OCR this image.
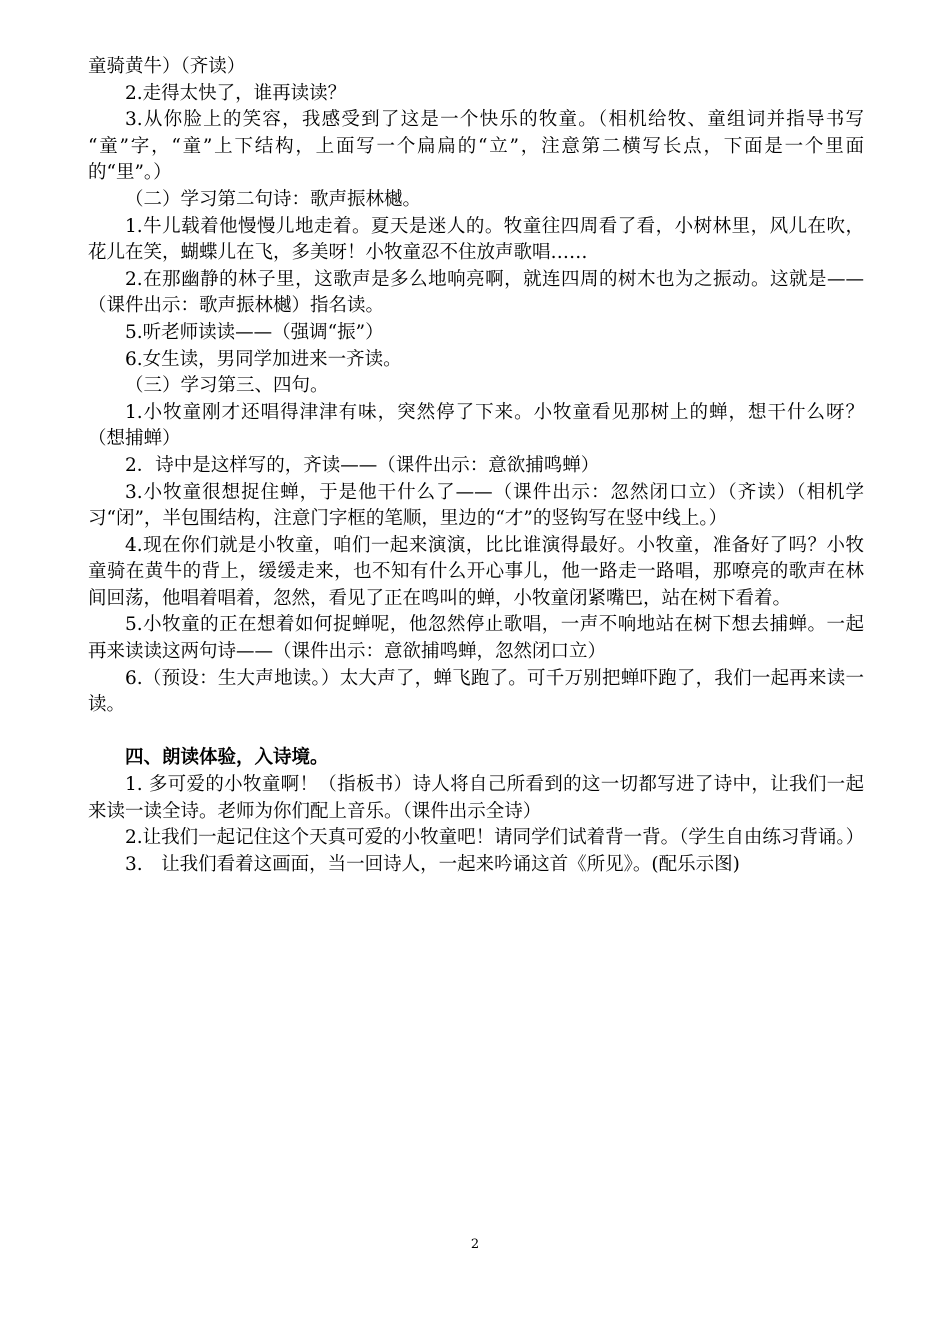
童骑黄牛）（齐读）

2.走得太快了，谁再读读？

3.从你脸上的笑容，我感受到了这是一个快乐的牧童。（相机给牧、童组词并指导书写 “童”字，“童”上下结构，上面写一个扁扁的“立”，注意第二横写长点，下面是一个里面的“里”。）

（二）学习第二句诗：歌声振林樾。

1.牛儿载着他慢慢儿地走着。夏天是迷人的。牧童往四周看了看，小树林里，风儿在吹，花儿在笑，蝴蝶儿在飞，多美呀！小牧童忍不住放声歌唱……

2.在那幽静的林子里，这歌声是多么地响亮啊，就连四周的树木也为之振动。这就是——（课件出示：歌声振林樾）指名读。

5.听老师读读——（强调“振”）

6.女生读，男同学加进来一齐读。

（三）学习第三、四句。

1.小牧童刚才还唱得津津有味，突然停了下来。小牧童看见那树上的蝉，想干什么呀？（想捕蝉）

2．诗中是这样写的，齐读——（课件出示：意欲捕鸣蝉）

3.小牧童很想捉住蝉，于是他干什么了——（课件出示：忽然闭口立）（齐读）（相机学习“闭”，半包围结构，注意门字框的笔顺，里边的“才”的竖钩写在竖中线上。）

4.现在你们就是小牧童，咱们一起来演演，比比谁演得最好。小牧童，准备好了吗？小牧童骑在黄牛的背上，缓缓走来，也不知有什么开心事儿，他一路走一路唱，那嘹亮的歌声在林间回荡，他唱着唱着，忽然，看见了正在鸣叫的蝉，小牧童闭紧嘴巴，站在树下看着。

5.小牧童的正在想着如何捉蝉呢，他忽然停止歌唱，一声不响地站在树下想去捕蝉。一起再来读读这两句诗——（课件出示：意欲捕鸣蝉，忽然闭口立）

6.（预设：生大声地读。）太大声了，蝉飞跑了。可千万别把蝉吓跑了，我们一起再来读一读。

四、朗读体验，入诗境。

1. 多可爱的小牧童啊！（指板书）诗人将自己所看到的这一切都写进了诗中，让我们一起来读一读全诗。老师为你们配上音乐。（课件出示全诗）

2.让我们一起记住这个天真可爱的小牧童吧！请同学们试着背一背。（学生自由练习背诵。）

3.　让我们看着这画面，当一回诗人，一起来吟诵这首《所见》。(配乐示图)

2
